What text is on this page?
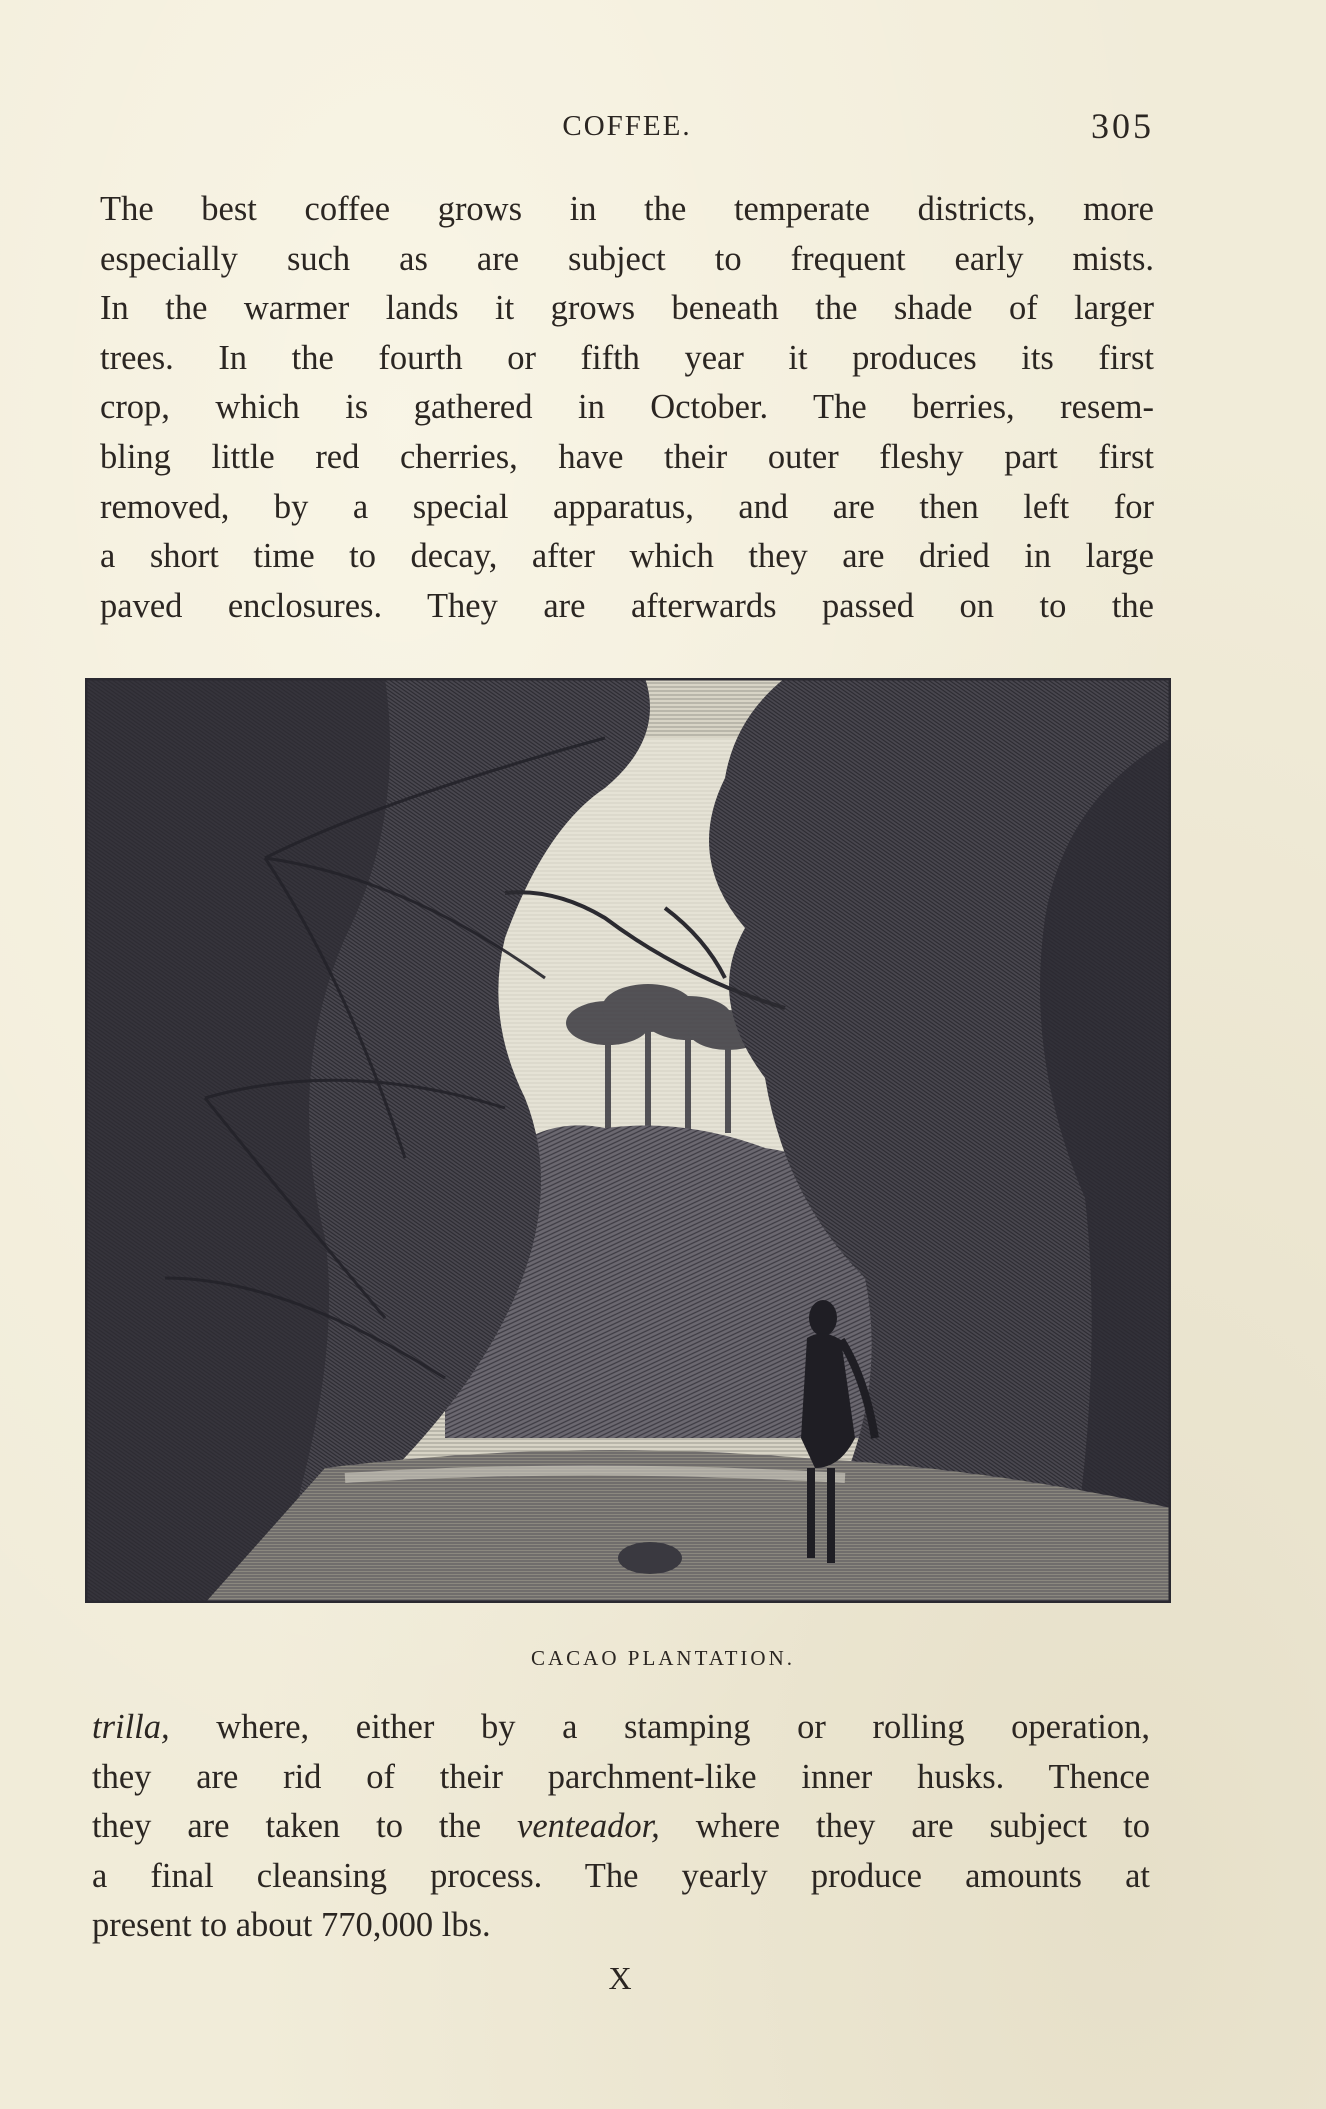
COFFEE.	305

The best coffee grows in the temperate districts, more
especially such as are subject to frequent early mists.
In the warmer lands it grows beneath the shade of larger
trees. In the fourth or fifth year it produces its first
crop, which is gathered in October. The berries, resem-
bling little red cherries, have their outer fleshy part first
removed, by a special apparatus, and are then left for
a short time to decay, after which they are dried in large
paved enclosures. They are afterwards passed on to the

CACAO PLANTATION.

trilla, where, either by a stamping or rolling operation,
they are rid of their parchment-like inner husks. Thence
they are taken to the venteador, where they are subject to
a final cleansing process. The yearly produce amounts at
present to about 770,000 lbs.

X
